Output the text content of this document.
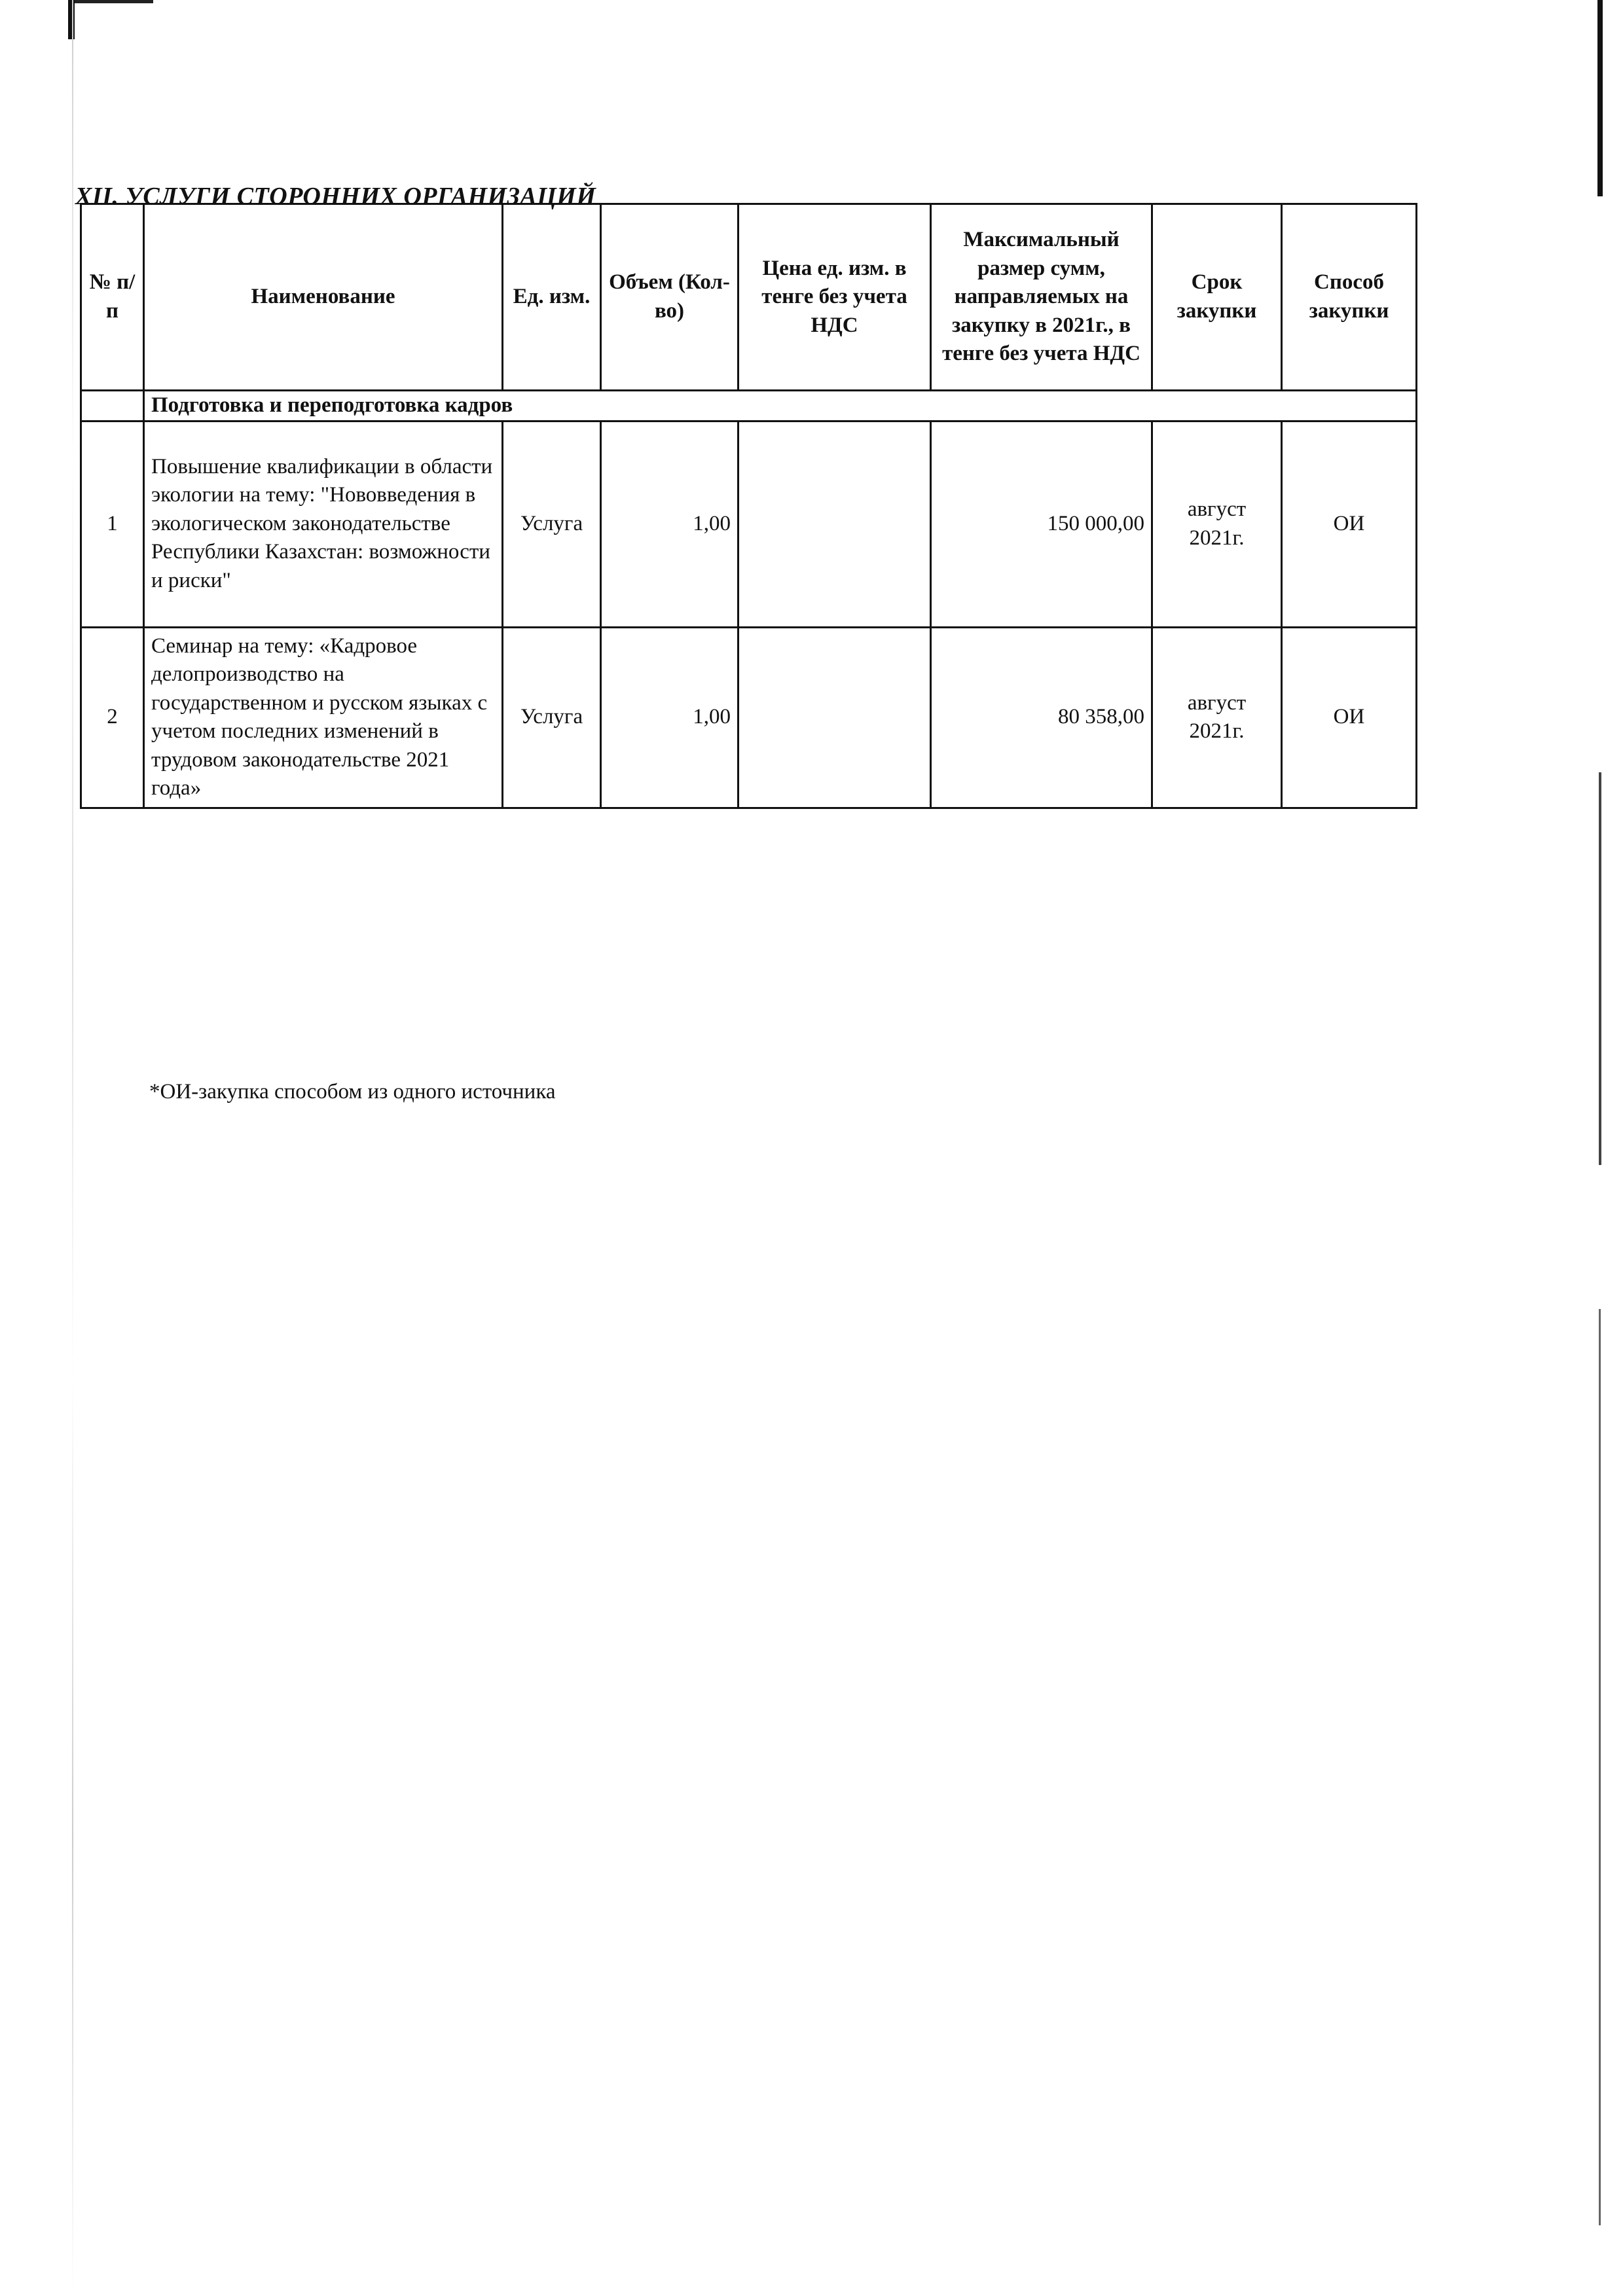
XII. УСЛУГИ СТОРОННИХ ОРГАНИЗАЦИЙ
№ п/п	Наименование	Ед. изм.	Объем (Кол-во)	Цена ед. изм. в тенге без учета НДС	Максимальный размер сумм, направляемых на закупку в 2021г., в тенге без учета НДС	Срок закупки	Способ закупки
	Подготовка и переподготовка кадров						
1	Повышение квалификации в области экологии на тему: "Нововведения в экологическом законодательстве Республики Казахстан: возможности и риски"	Услуга	1,00		150 000,00	август 2021г.	ОИ
2	Семинар на тему: «Кадровое делопроизводство на государственном и русском языках с учетом последних изменений в трудовом законодательстве 2021 года»	Услуга	1,00		80 358,00	август 2021г.	ОИ
*ОИ-закупка способом из одного источника
